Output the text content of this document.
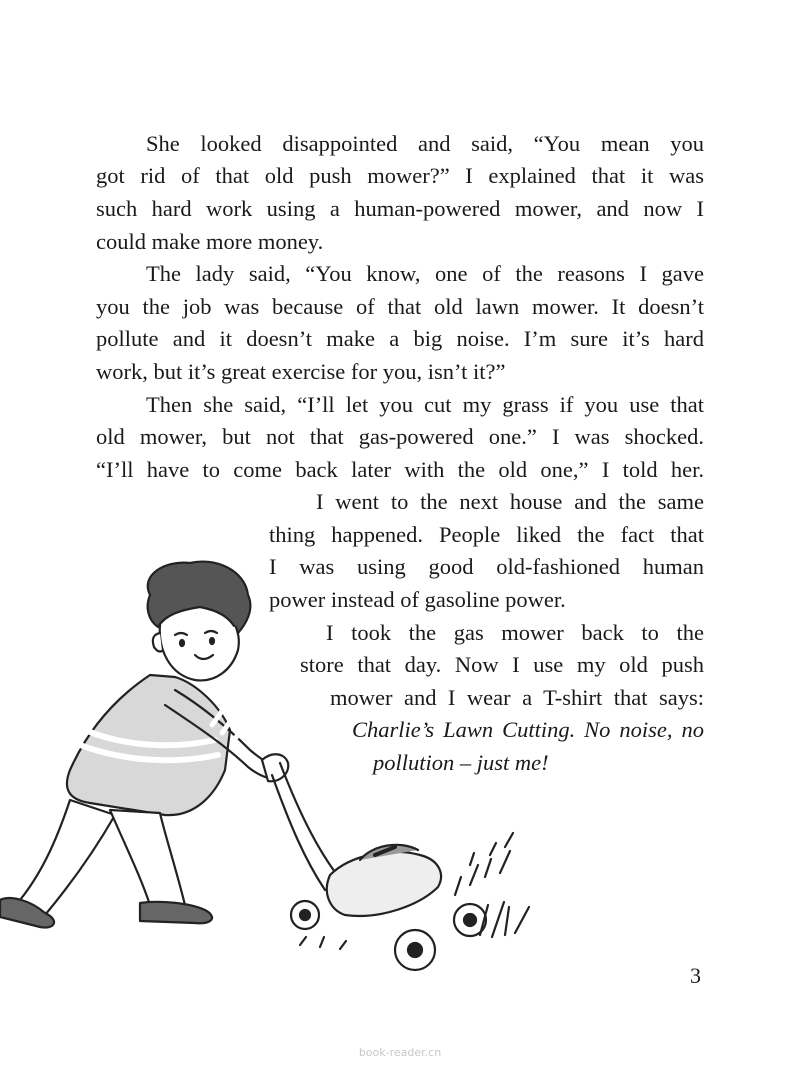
She looked disappointed and said, “You mean you
got rid of that old push mower?” I explained that it was
such hard work using a human-powered mower, and now I
could make more money.
The lady said, “You know, one of the reasons I gave
you the job was because of that old lawn mower. It doesn’t
pollute and it doesn’t make a big noise. I’m sure it’s hard
work, but it’s great exercise for you, isn’t it?”
Then she said, “I’ll let you cut my grass if you use that
old mower, but not that gas-powered one.” I was shocked.
“I’ll have to come back later with the old one,” I told her.
I went to the next house and the same
thing happened. People liked the fact that
I was using good old-fashioned human
power instead of gasoline power.
I took the gas mower back to the
store that day. Now I use my old push
mower and I wear a T-shirt that says:
Charlie’s Lawn Cutting. No noise, no
pollution – just me!
3
book-reader.cn
